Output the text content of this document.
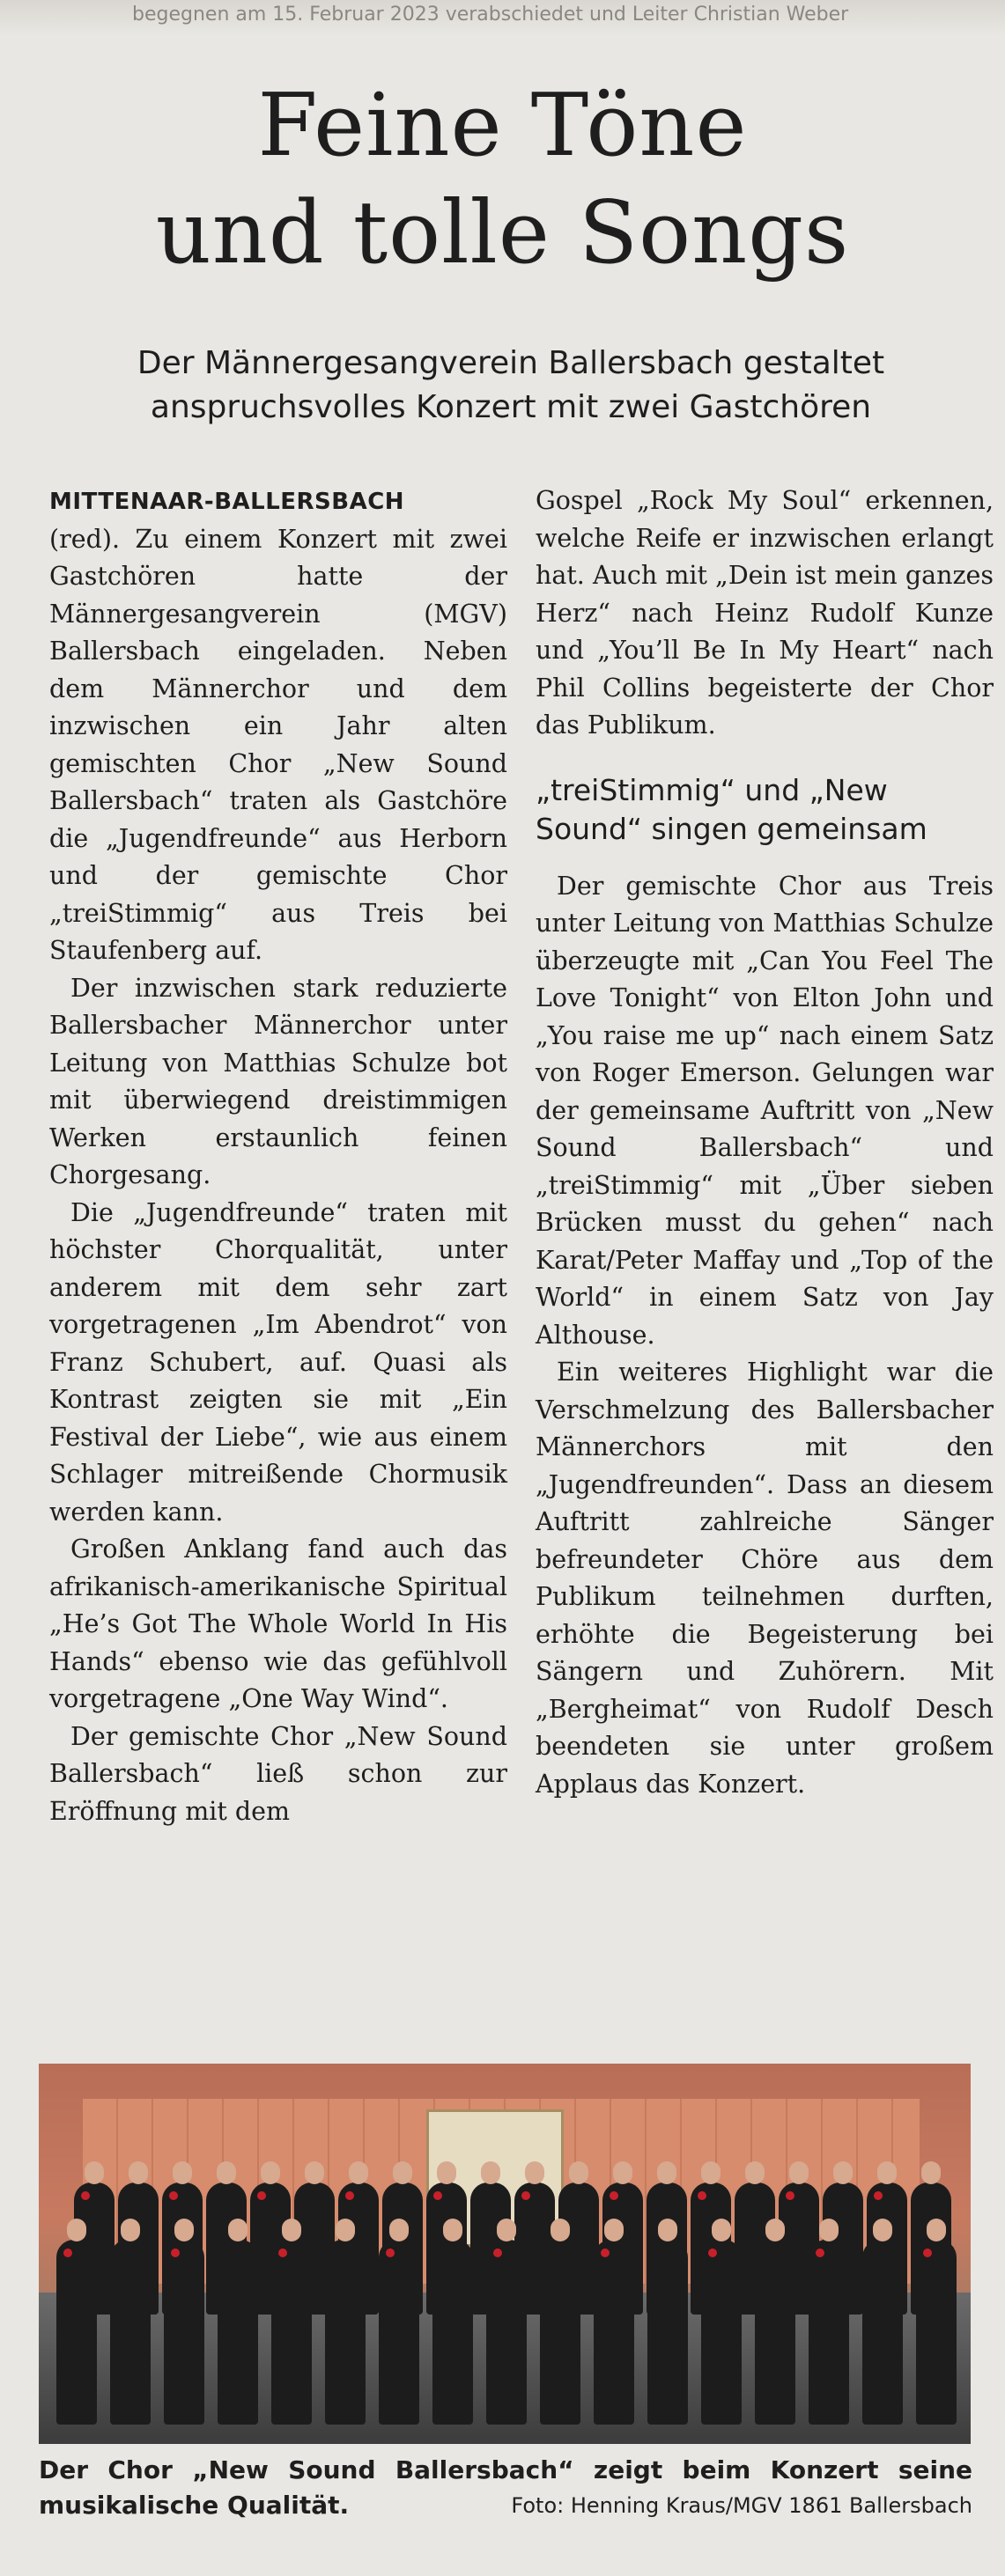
begegnen am 15. Februar 2023 verabschiedet und Leiter Christian Weber
Feine Töne
und tolle Songs
Der Männergesangverein Ballersbach gestaltet
anspruchsvolles Konzert mit zwei Gastchören

MITTENAAR-BALLERSBACH
(red). Zu einem Konzert mit zwei Gastchören hatte der Männergesangverein (MGV) Ballersbach eingeladen. Neben dem Männerchor und dem inzwischen ein Jahr alten gemischten Chor „New Sound Ballersbach“ traten als Gastchöre die „Jugendfreunde“ aus Herborn und der gemischte Chor „treiStimmig“ aus Treis bei Staufenberg auf.

Der inzwischen stark reduzierte Ballersbacher Männerchor unter Leitung von Matthias Schulze bot mit überwiegend dreistimmigen Werken erstaunlich feinen Chorgesang.

Die „Jugendfreunde“ traten mit höchster Chorqualität, unter anderem mit dem sehr zart vorgetragenen „Im Abendrot“ von Franz Schubert, auf. Quasi als Kontrast zeigten sie mit „Ein Festival der Liebe“, wie aus einem Schlager mitreißende Chormusik werden kann.

Großen Anklang fand auch das afrikanisch-amerikanische Spiritual „He’s Got The Whole World In His Hands“ ebenso wie das gefühlvoll vorgetragene „One Way Wind“.

Der gemischte Chor „New Sound Ballersbach“ ließ schon zur Eröffnung mit dem

Gospel „Rock My Soul“ erkennen, welche Reife er inzwischen erlangt hat. Auch mit „Dein ist mein ganzes Herz“ nach Heinz Rudolf Kunze und „You’ll Be In My Heart“ nach Phil Collins begeisterte der Chor das Publikum.

„treiStimmig“ und „New Sound“ singen gemeinsam

Der gemischte Chor aus Treis unter Leitung von Matthias Schulze überzeugte mit „Can You Feel The Love Tonight“ von Elton John und „You raise me up“ nach einem Satz von Roger Emerson. Gelungen war der gemeinsame Auftritt von „New Sound Ballersbach“ und „treiStimmig“ mit „Über sieben Brücken musst du gehen“ nach Karat/Peter Maffay und „Top of the World“ in einem Satz von Jay Althouse.

Ein weiteres Highlight war die Verschmelzung des Ballersbacher Männerchors mit den „Jugendfreunden“. Dass an diesem Auftritt zahlreiche Sänger befreundeter Chöre aus dem Publikum teilnehmen durften, erhöhte die Begeisterung bei Sängern und Zuhörern. Mit „Bergheimat“ von Rudolf Desch beendeten sie unter großem Applaus das Konzert.

Der Chor „New Sound Ballersbach“ zeigt beim Konzert seine musikalische Qualität.	Foto: Henning Kraus/MGV 1861 Ballersbach
